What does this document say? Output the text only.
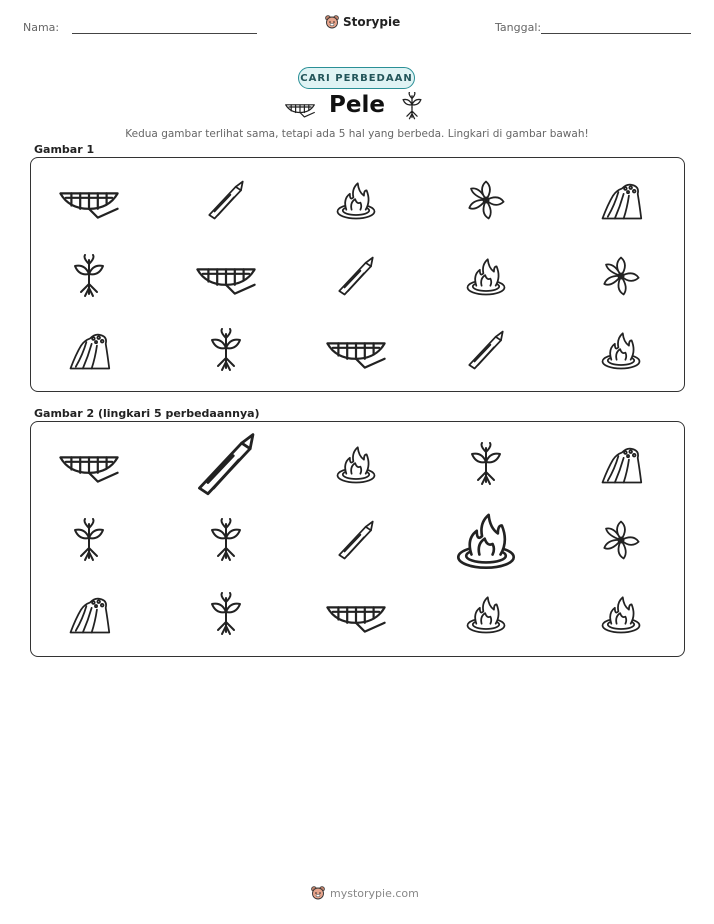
Nama:	Storypie	Tanggal:
CARI PERBEDAAN
Pele
Kedua gambar terlihat sama, tetapi ada 5 hal yang berbeda. Lingkari di gambar bawah!
Gambar 1
Gambar 2 (lingkari 5 perbedaannya)
mystorypie.com
